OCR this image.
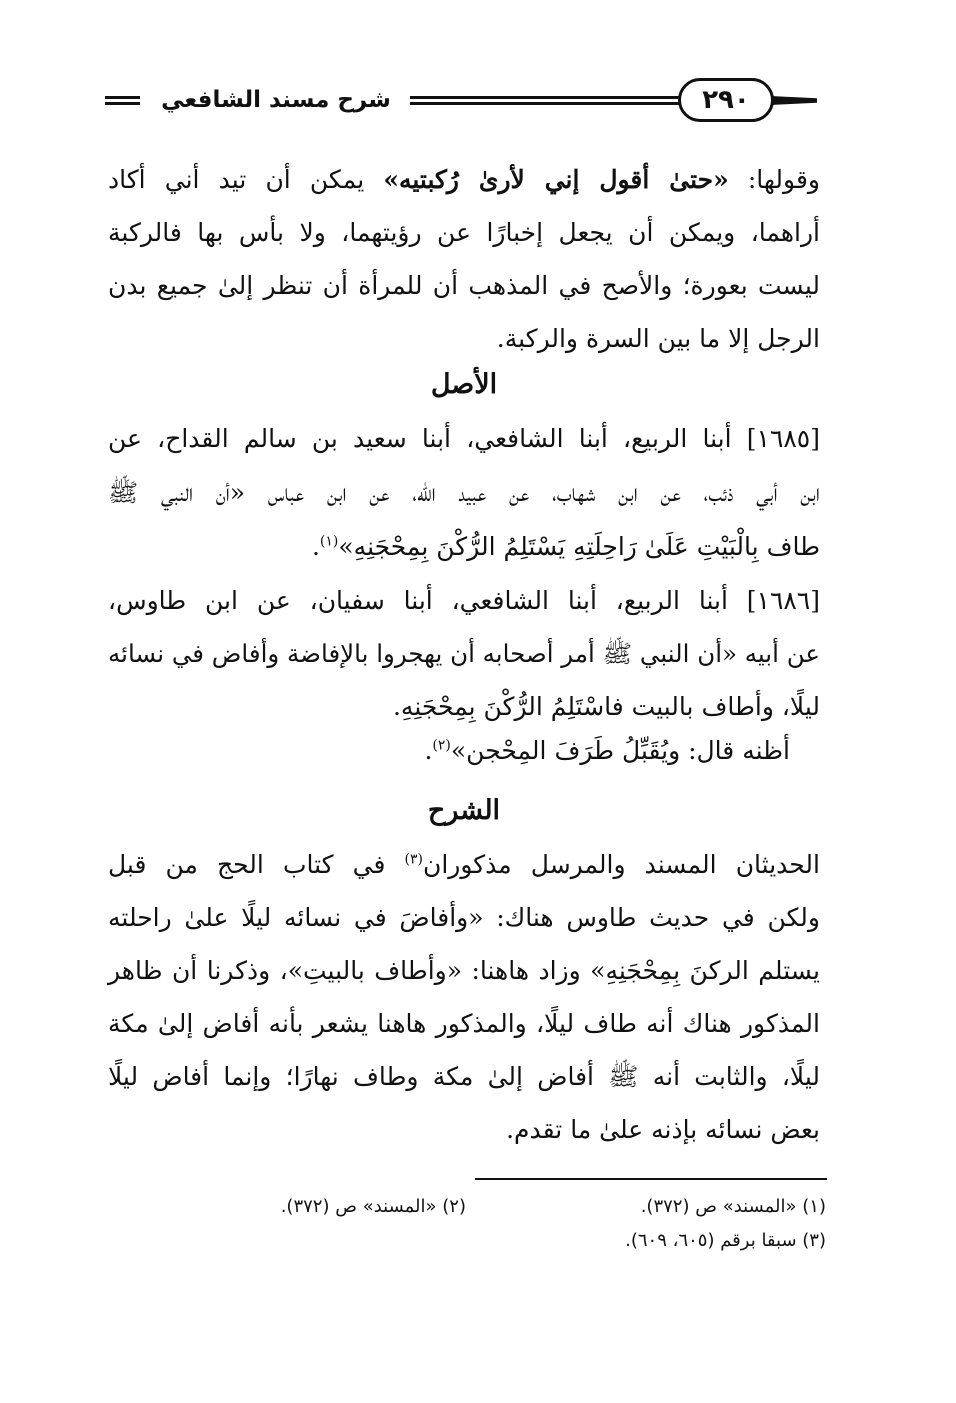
شرح مسند الشافعي	٢٩٠
وقولها: «حتىٰ أقول إني لأرىٰ رُكبتيه» يمكن أن تيد أني أكاد
أراهما، ويمكن أن يجعل إخبارًا عن رؤيتهما، ولا بأس بها فالركبة
ليست بعورة؛ والأصح في المذهب أن للمرأة أن تنظر إلىٰ جميع بدن
الرجل إلا ما بين السرة والركبة.
الأصل
[١٦٨٥] أبنا الربيع، أبنا الشافعي، أبنا سعيد بن سالم القداح، عن
ابن أبي ذئب، عن ابن شهاب، عن عبيد الله، عن ابن عباس «أن النبي ﷺ
طاف بِالْبَيْتِ عَلَىٰ رَاحِلَتِهِ يَسْتَلِمُ الرُّكْنَ بِمِحْجَنِهِ»$^{(١)}$.
[١٦٨٦] أبنا الربيع، أبنا الشافعي، أبنا سفيان، عن ابن طاوس،
عن أبيه «أن النبي ﷺ أمر أصحابه أن يهجروا بالإفاضة وأفاض في نسائه
ليلًا، وأطاف بالبيت فاسْتَلِمُ الرُّكْنَ بِمِحْجَنِهِ.
أظنه قال: ويُقَبِّلُ طَرَفَ المِحْجن»$^{(٢)}$.
الشرح
الحديثان المسند والمرسل مذكوران$^{(٣)}$ في كتاب الحج من قبل
ولكن في حديث طاوس هناك: «وأفاضَ في نسائه ليلًا علىٰ راحلته
يستلم الركنَ بِمِحْجَنِهِ» وزاد هاهنا: «وأطاف بالبيتِ»، وذكرنا أن ظاهر
المذكور هناك أنه طاف ليلًا، والمذكور هاهنا يشعر بأنه أفاض إلىٰ مكة
ليلًا، والثابت أنه ﷺ أفاض إلىٰ مكة وطاف نهارًا؛ وإنما أفاض ليلًا
بعض نسائه بإذنه علىٰ ما تقدم.
(١) «المسند» ص (٣٧٢).
(٢) «المسند» ص (٣٧٢).
(٣) سبقا برقم (٦٠٥، ٦٠٩).
